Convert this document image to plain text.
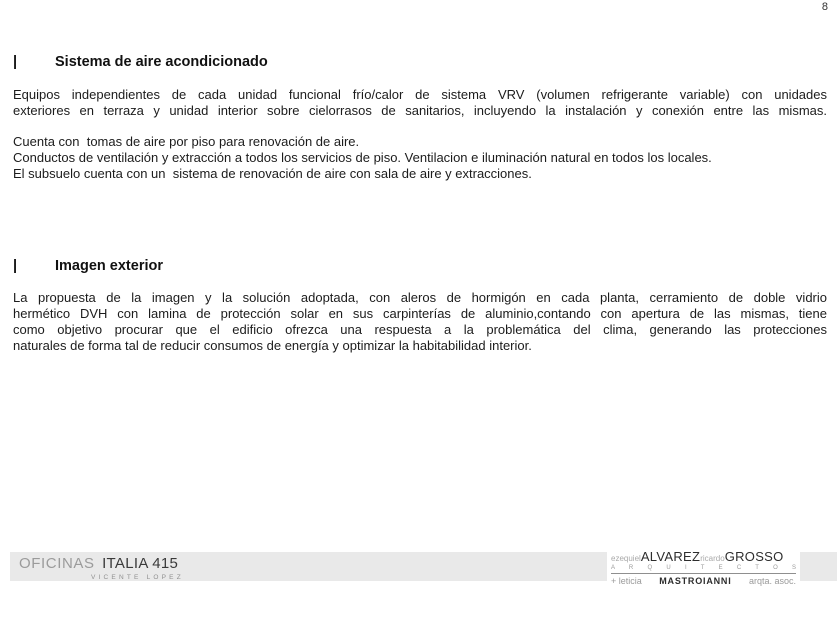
8
|	Sistema de aire acondicionado
Equipos independientes de cada unidad funcional frío/calor de sistema VRV (volumen refrigerante variable) con unidades
exteriores en terraza y unidad interior sobre cielorrasos de sanitarios, incluyendo la instalación y conexión entre las mismas.
Cuenta con  tomas de aire por piso para renovación de aire.
Conductos de ventilación y extracción a todos los servicios de piso. Ventilacion e iluminación natural en todos los locales.
El subsuelo cuenta con un  sistema de renovación de aire con sala de aire y extracciones.
|	Imagen exterior
La propuesta de la imagen y la solución adoptada, con aleros de hormigón en cada planta, cerramiento de doble vidrio
hermético DVH con lamina de protección solar en sus carpinterías de aluminio,contando con apertura de las mismas, tiene
como objetivo procurar que el edificio ofrezca una respuesta a la problemática del clima, generando las protecciones
naturales de forma tal de reducir consumos de energía y optimizar la habitabilidad interior.
OFICINAS ITALIA 415
VICENTE LOPEZ
ezequiel ALVAREZ ricardo GROSSO
A R Q U I T E C T O S
+ leticia MASTROIANNI arqta. asoc.
